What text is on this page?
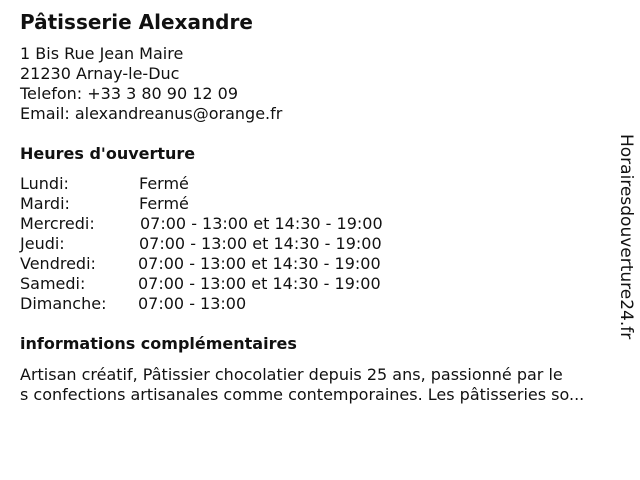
Pâtisserie Alexandre
1 Bis Rue Jean Maire
21230 Arnay-le-Duc
Telefon: +33 3 80 90 12 09
Email: alexandreanus@orange.fr
Heures d'ouverture
Lundi:	Fermé
Mardi:	Fermé
Mercredi:	07:00 - 13:00 et 14:30 - 19:00
Jeudi:	07:00 - 13:00 et 14:30 - 19:00
Vendredi:	07:00 - 13:00 et 14:30 - 19:00
Samedi:	07:00 - 13:00 et 14:30 - 19:00
Dimanche: 07:00 - 13:00
informations complémentaires
Artisan créatif, Pâtissier chocolatier depuis 25 ans, passionné par le
s confections artisanales comme contemporaines. Les pâtisseries so...
Horairesdouverture24.fr
